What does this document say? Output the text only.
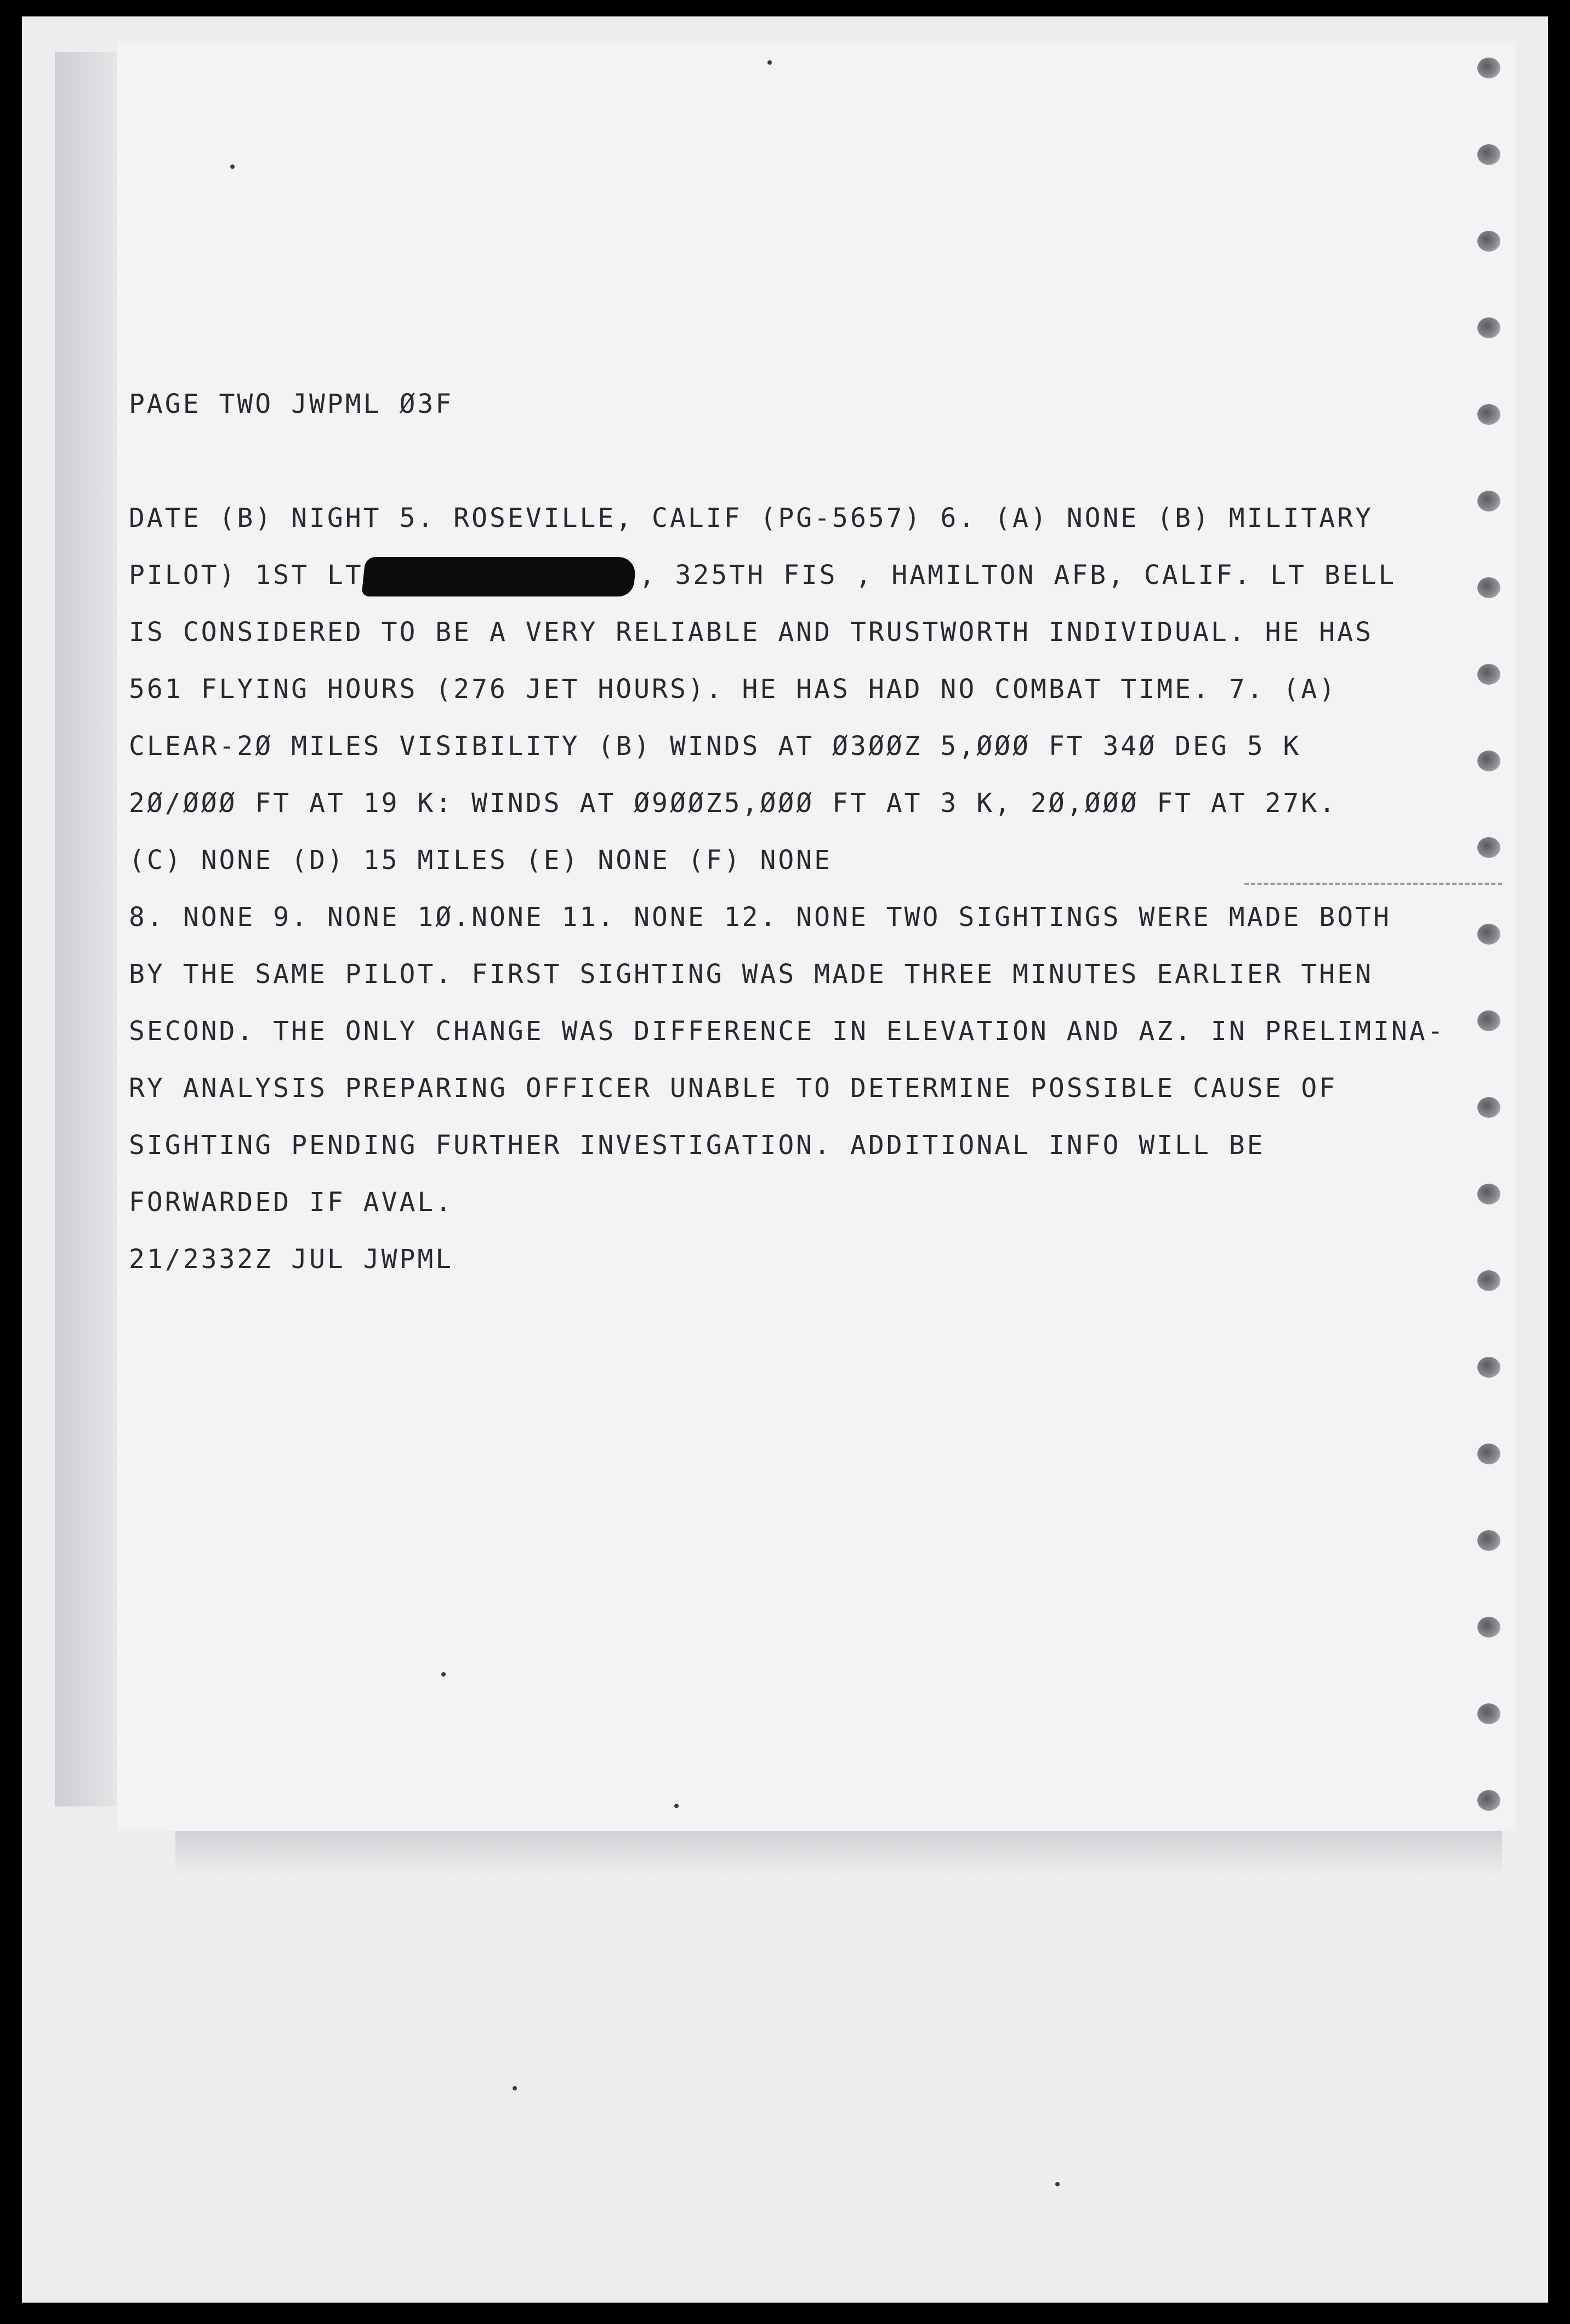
PAGE TWO JWPML Ø3F
DATE (B) NIGHT 5. ROSEVILLE, CALIF (PG-5657) 6. (A) NONE (B) MILITARY
PILOT) 1ST LT	, 325TH FIS , HAMILTON AFB, CALIF. LT BELL
IS CONSIDERED TO BE A VERY RELIABLE AND TRUSTWORTH INDIVIDUAL. HE HAS
561 FLYING HOURS (276 JET HOURS). HE HAS HAD NO COMBAT TIME. 7. (A)
CLEAR-2Ø MILES VISIBILITY (B) WINDS AT Ø3ØØZ 5,ØØØ FT 34Ø DEG 5 K
2Ø/ØØØ FT AT 19 K: WINDS AT Ø9ØØZ5,ØØØ FT AT 3 K, 2Ø,ØØØ FT AT 27K.
(C) NONE (D) 15 MILES (E) NONE (F) NONE
8. NONE 9. NONE 1Ø.NONE 11. NONE 12. NONE TWO SIGHTINGS WERE MADE BOTH
BY THE SAME PILOT. FIRST SIGHTING WAS MADE THREE MINUTES EARLIER THEN
SECOND. THE ONLY CHANGE WAS DIFFERENCE IN ELEVATION AND AZ. IN PRELIMINA-
RY ANALYSIS PREPARING OFFICER UNABLE TO DETERMINE POSSIBLE CAUSE OF
SIGHTING PENDING FURTHER INVESTIGATION. ADDITIONAL INFO WILL BE
FORWARDED IF AVAL.
21/2332Z JUL JWPML
